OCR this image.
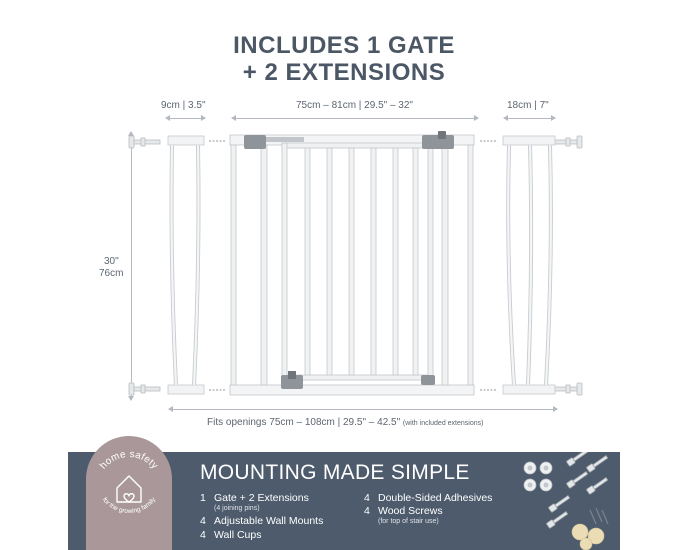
INCLUDES 1 GATE
+ 2 EXTENSIONS
9cm | 3.5"	75cm – 81cm | 29.5" – 32"	18cm | 7"
30"
76cm
Fits openings 75cm – 108cm | 29.5" – 42.5" (with included extensions)
home safety
for the growing family
MOUNTING MADE SIMPLE
1 Gate + 2 Extensions
(4 joining pins)
4 Adjustable Wall Mounts
4 Wall Cups
4 Double-Sided Adhesives
4 Wood Screws
(for top of stair use)
